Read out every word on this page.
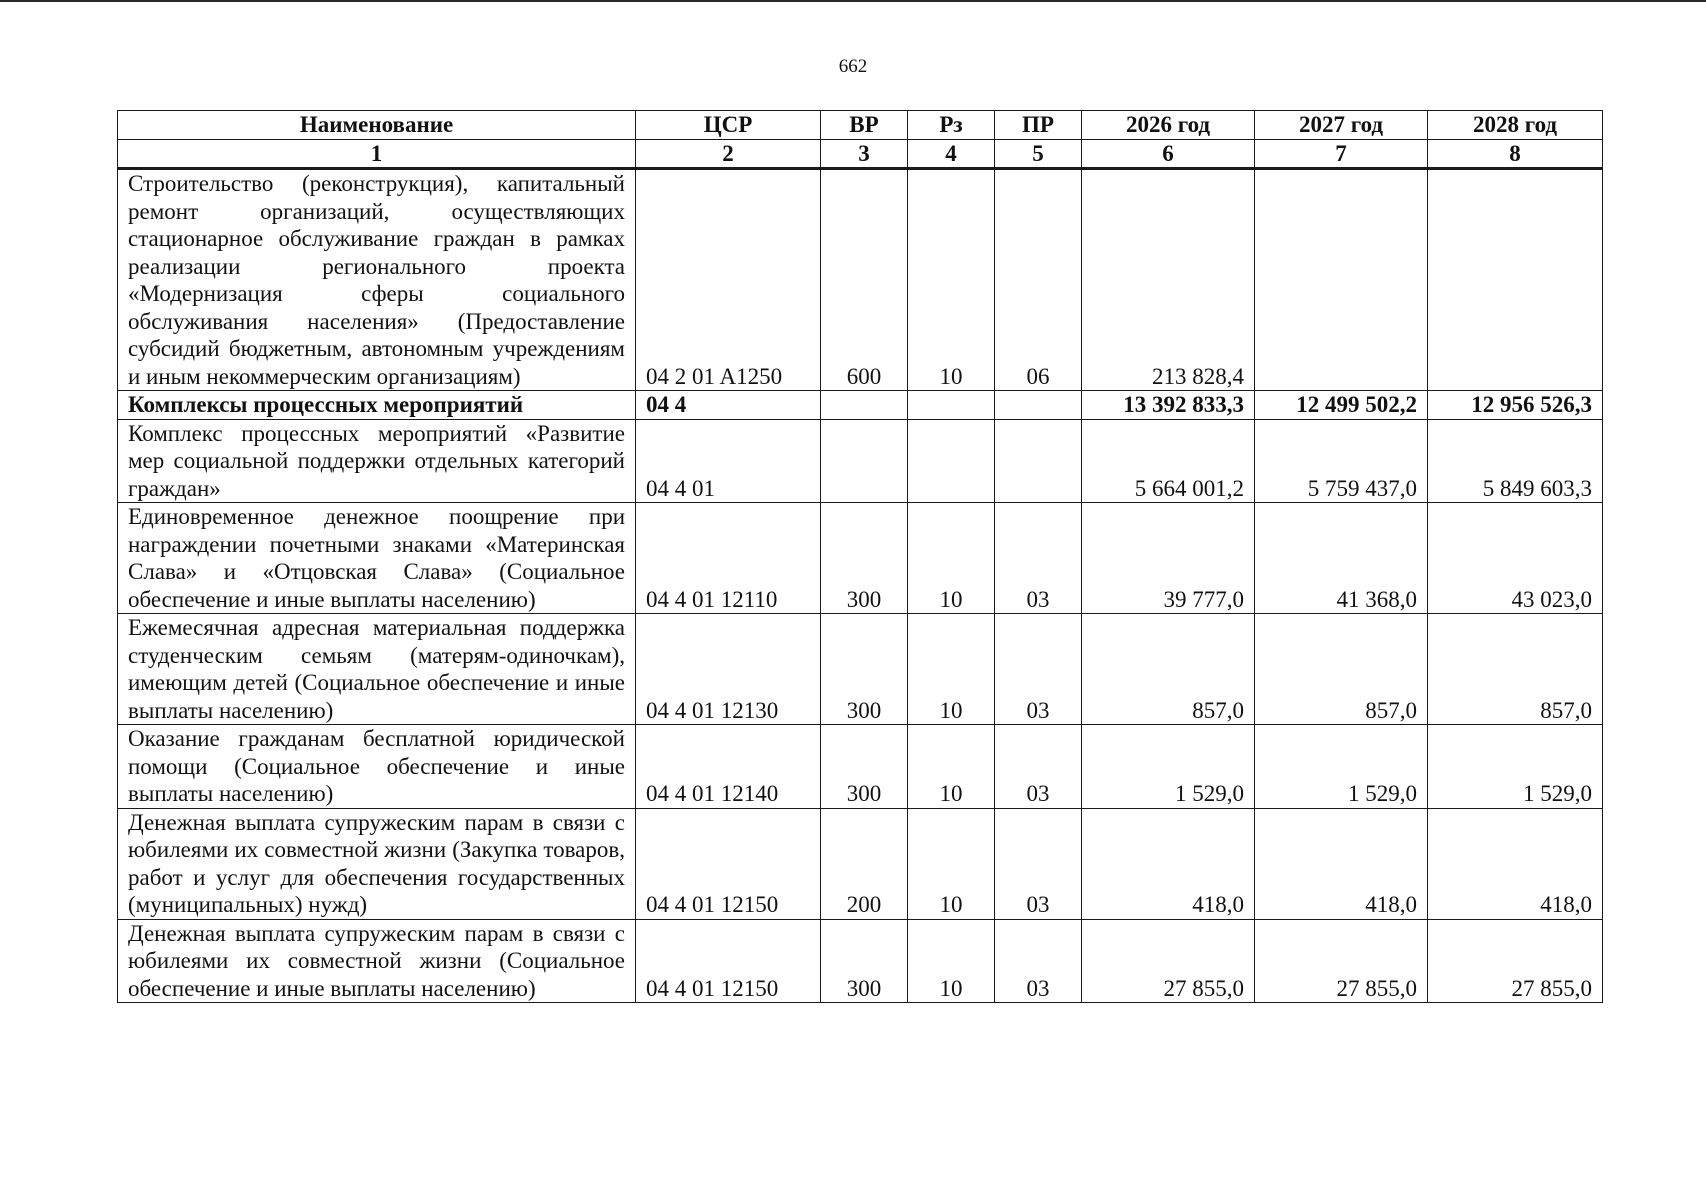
662
Наименование	ЦСР	ВР	Рз	ПР	2026 год	2027 год	2028 год
1	2	3	4	5	6	7	8
Строительство (реконструкция), капитальный ремонт организаций, осуществляющих стационарное обслуживание граждан в рамках реализации регионального проекта «Модернизация сферы социального обслуживания населения» (Предоставление субсидий бюджетным, автономным учреждениям и иным некоммерческим организациям)	04 2 01 A1250	600	10	06	213 828,4		
Комплексы процессных мероприятий	04 4				13 392 833,3	12 499 502,2	12 956 526,3
Комплекс процессных мероприятий «Развитие мер социальной поддержки отдельных категорий граждан»	04 4 01				5 664 001,2	5 759 437,0	5 849 603,3
Единовременное денежное поощрение при награждении почетными знаками «Материнская Слава» и «Отцовская Слава» (Социальное обеспечение и иные выплаты населению)	04 4 01 12110	300	10	03	39 777,0	41 368,0	43 023,0
Ежемесячная адресная материальная поддержка студенческим семьям (матерям-одиночкам), имеющим детей (Социальное обеспечение и иные выплаты населению)	04 4 01 12130	300	10	03	857,0	857,0	857,0
Оказание гражданам бесплатной юридической помощи (Социальное обеспечение и иные выплаты населению)	04 4 01 12140	300	10	03	1 529,0	1 529,0	1 529,0
Денежная выплата супружеским парам в связи с юбилеями их совместной жизни (Закупка товаров, работ и услуг для обеспечения государственных (муниципальных) нужд)	04 4 01 12150	200	10	03	418,0	418,0	418,0
Денежная выплата супружеским парам в связи с юбилеями их совместной жизни (Социальное обеспечение и иные выплаты населению)	04 4 01 12150	300	10	03	27 855,0	27 855,0	27 855,0
